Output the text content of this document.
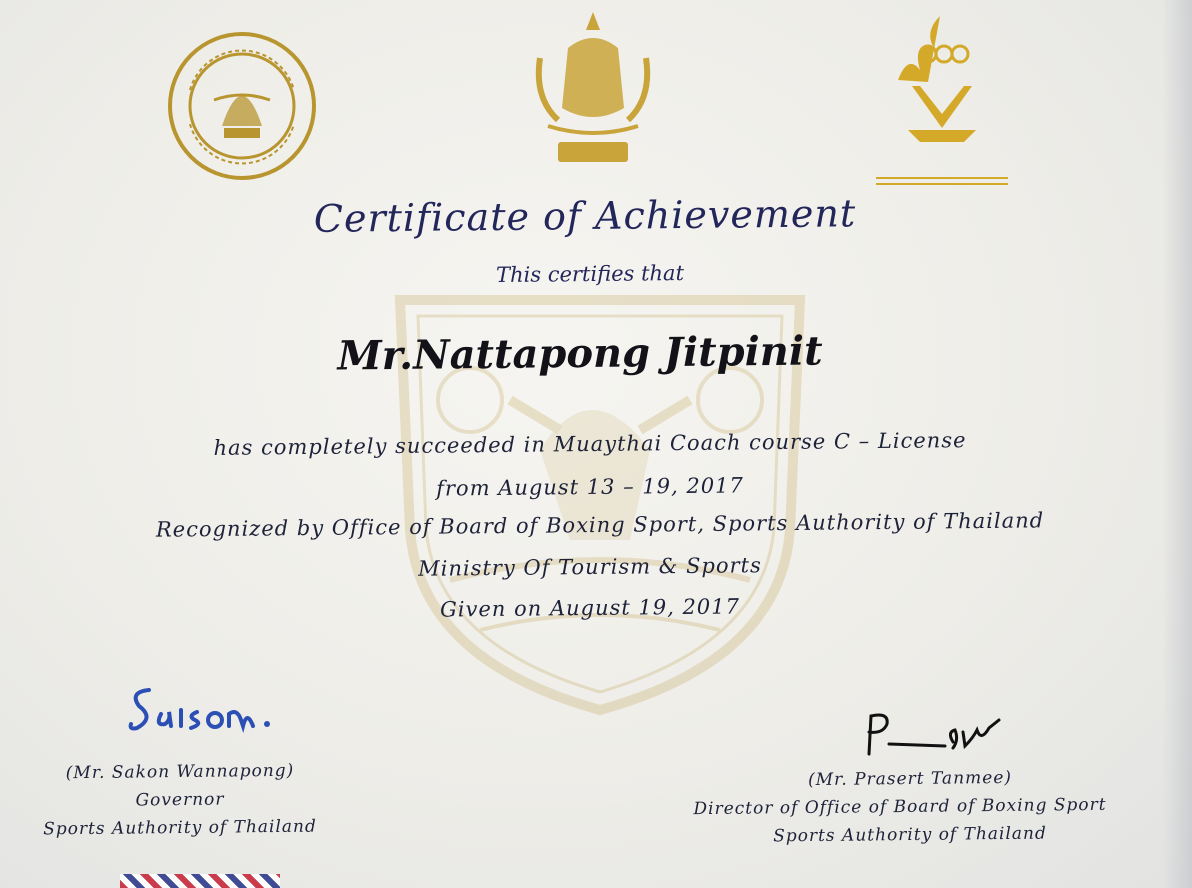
Certificate of Achievement
This certifies that
Mr.Nattapong Jitpinit
has completely succeeded in Muaythai Coach course C – License
from August 13 – 19, 2017
Recognized by Office of Board of Boxing Sport, Sports Authority of Thailand
Ministry Of Tourism & Sports
Given on August 19, 2017
(Mr. Sakon Wannapong)
Governor
Sports Authority of Thailand
(Mr. Prasert Tanmee)
Director of Office of Board of Boxing Sport
Sports Authority of Thailand
